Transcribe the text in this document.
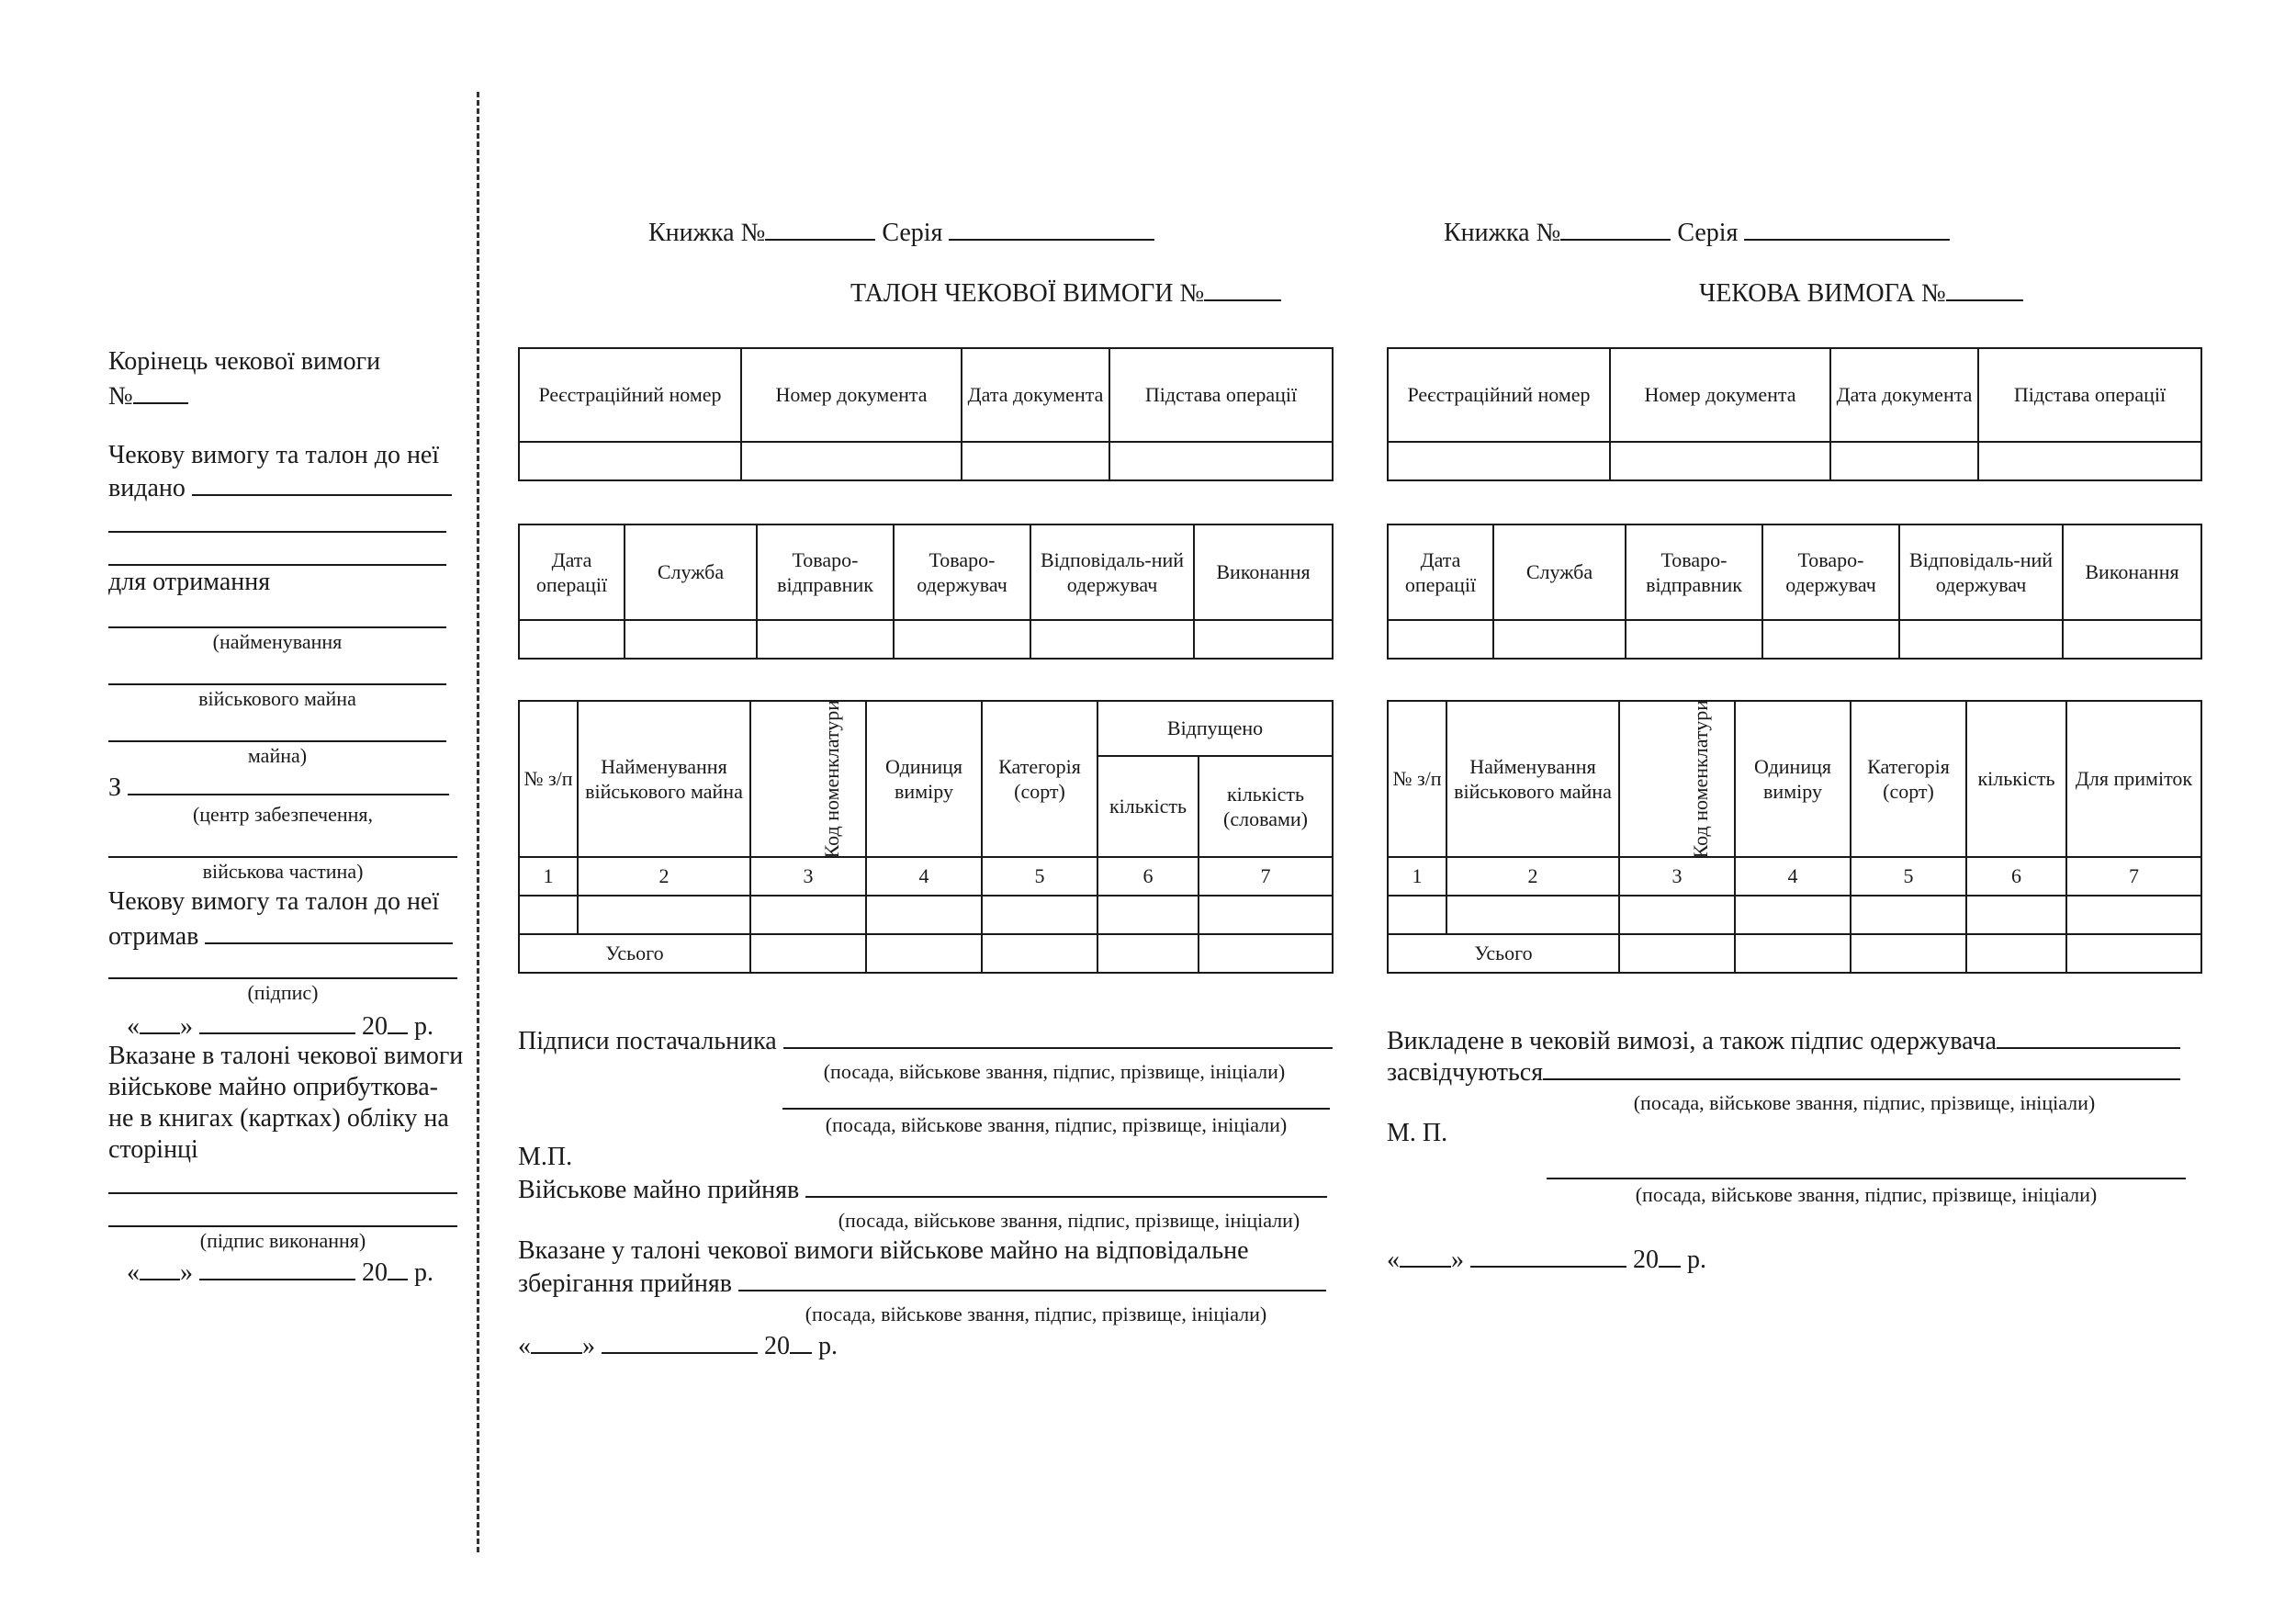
Корінець чекової вимоги
№
Чекову вимогу та талон до неї
видано
для отримання
(найменування
військового майна
майна)
З
(центр забезпечення,
військова частина)
Чекову вимогу та талон до неї
отримав
(підпис)
« »	20 р.
Вказане в талоні чекової вимоги
військове майно оприбуткова-
не в книгах (картках) обліку на
сторінці
(підпис виконання)
« »	20 р.
Книжка №	Серія
ТАЛОН ЧЕКОВОЇ ВИМОГИ №
Реєстраційний номер	Номер документа	Дата документа	Підстава операції

Дата операції	Служба	Товаро-відправник	Товаро-одержувач	Відповідаль-ний одержувач	Виконання

№ з/п	Найменування військового майна	Код номенклатури	Одиниця виміру	Категорія (сорт)	Відпущено	
					кількість	кількість (словами)
1	2	3	4	5	6	7

Усього						
Підписи постачальника
(посада, військове звання, підпис, прізвище, ініціали)
(посада, військове звання, підпис, прізвище, ініціали)
М.П.
Військове майно прийняв
(посада, військове звання, підпис, прізвище, ініціали)
Вказане у талоні чекової вимоги військове майно на відповідальне
зберігання прийняв
(посада, військове звання, підпис, прізвище, ініціали)
« »	20 р.
Книжка №	Серія
ЧЕКОВА ВИМОГА №
Реєстраційний номер	Номер документа	Дата документа	Підстава операції

Дата операції	Служба	Товаро-відправник	Товаро-одержувач	Відповідаль-ний одержувач	Виконання

№ з/п	Найменування військового майна	Код номенклатури	Одиниця виміру	Категорія (сорт)	кількість	Для приміток
1	2	3	4	5	6	7

Усього						
Викладене в чековій вимозі, а також підпис одержувача
засвідчуються
(посада, військове звання, підпис, прізвище, ініціали)
М. П.
(посада, військове звання, підпис, прізвище, ініціали)
« »	20 р.
